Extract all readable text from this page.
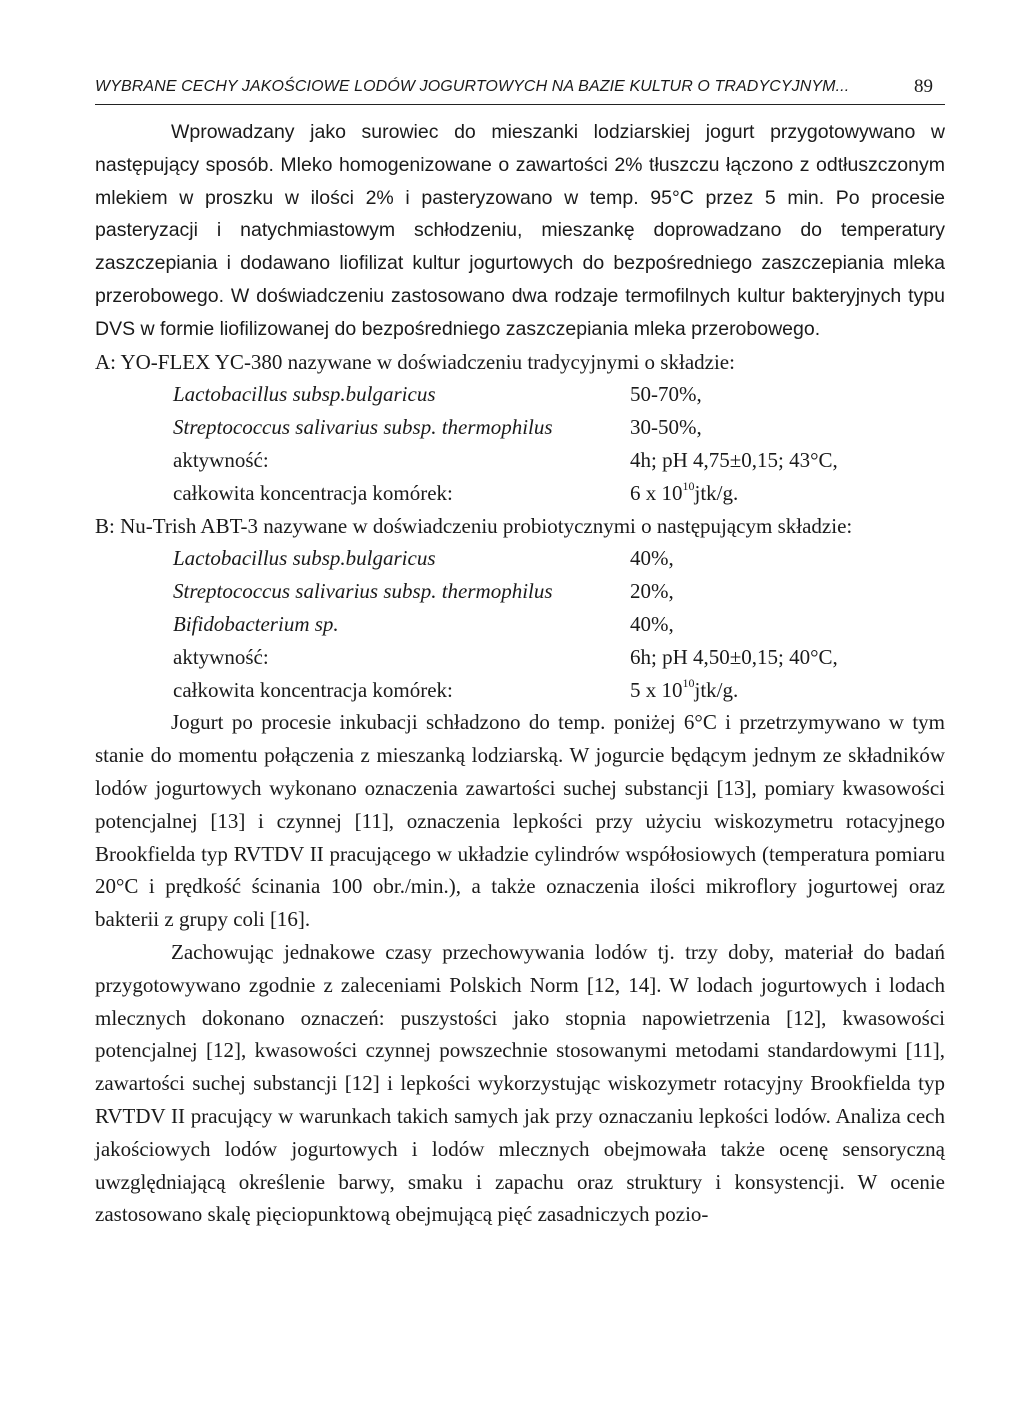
WYBRANE CECHY JAKOŚCIOWE LODÓW JOGURTOWYCH NA BAZIE KULTUR O TRADYCYJNYM...	89

Wprowadzany jako surowiec do mieszanki lodziarskiej jogurt przygotowywano w następujący sposób. Mleko homogenizowane o zawartości 2% tłuszczu łączono z odtłuszczonym mlekiem w proszku w ilości 2% i pasteryzowano w temp. 95°C przez 5 min. Po procesie pasteryzacji i natychmiastowym schłodzeniu, mieszankę doprowadzano do temperatury zaszczepiania i dodawano liofilizat kultur jogurtowych do bezpośredniego zaszczepiania mleka przerobowego. W doświadczeniu zastosowano dwa rodzaje termofilnych kultur bakteryjnych typu DVS w formie liofilizowanej do bezpośredniego zaszczepiania mleka przerobowego.

A: YO-FLEX YC-380 nazywane w doświadczeniu tradycyjnymi o składzie:

Lactobacillus subsp.bulgaricus	50-70%,
Streptococcus salivarius subsp. thermophilus	30-50%,
aktywność:	4h; pH 4,75±0,15; 43°C,
całkowita koncentracja komórek:	6 x $10^{10}jtk/g$.

B: Nu-Trish ABT-3 nazywane w doświadczeniu probiotycznymi o następującym składzie:

Lactobacillus subsp.bulgaricus	40%,
Streptococcus salivarius subsp. thermophilus	20%,
Bifidobacterium sp.	40%,
aktywność:	6h; pH 4,50±0,15; 40°C,
całkowita koncentracja komórek:	5 x $10^{10}jtk/g$.

Jogurt po procesie inkubacji schładzono do temp. poniżej 6°C i przetrzymywano w tym stanie do momentu połączenia z mieszanką lodziarską. W jogurcie będącym jednym ze składników lodów jogurtowych wykonano oznaczenia zawartości suchej substancji [13], pomiary kwasowości potencjalnej [13] i czynnej [11], oznaczenia lepkości przy użyciu wiskozymetru rotacyjnego Brookfielda typ RVTDV II pracującego w układzie cylindrów współosiowych (temperatura pomiaru 20°C i prędkość ścinania 100 obr./min.), a także oznaczenia ilości mikroflory jogurtowej oraz bakterii z grupy coli [16].

Zachowując jednakowe czasy przechowywania lodów tj. trzy doby, materiał do badań przygotowywano zgodnie z zaleceniami Polskich Norm [12, 14]. W lodach jogurtowych i lodach mlecznych dokonano oznaczeń: puszystości jako stopnia napowietrzenia [12], kwasowości potencjalnej [12], kwasowości czynnej powszechnie stosowanymi metodami standardowymi [11], zawartości suchej substancji [12] i lepkości wykorzystując wiskozymetr rotacyjny Brookfielda typ RVTDV II pracujący w warunkach takich samych jak przy oznaczaniu lepkości lodów. Analiza cech jakościowych lodów jogurtowych i lodów mlecznych obejmowała także ocenę sensoryczną uwzględniającą określenie barwy, smaku i zapachu oraz struktury i konsystencji. W ocenie zastosowano skalę pięciopunktową obejmującą pięć zasadniczych pozio-
